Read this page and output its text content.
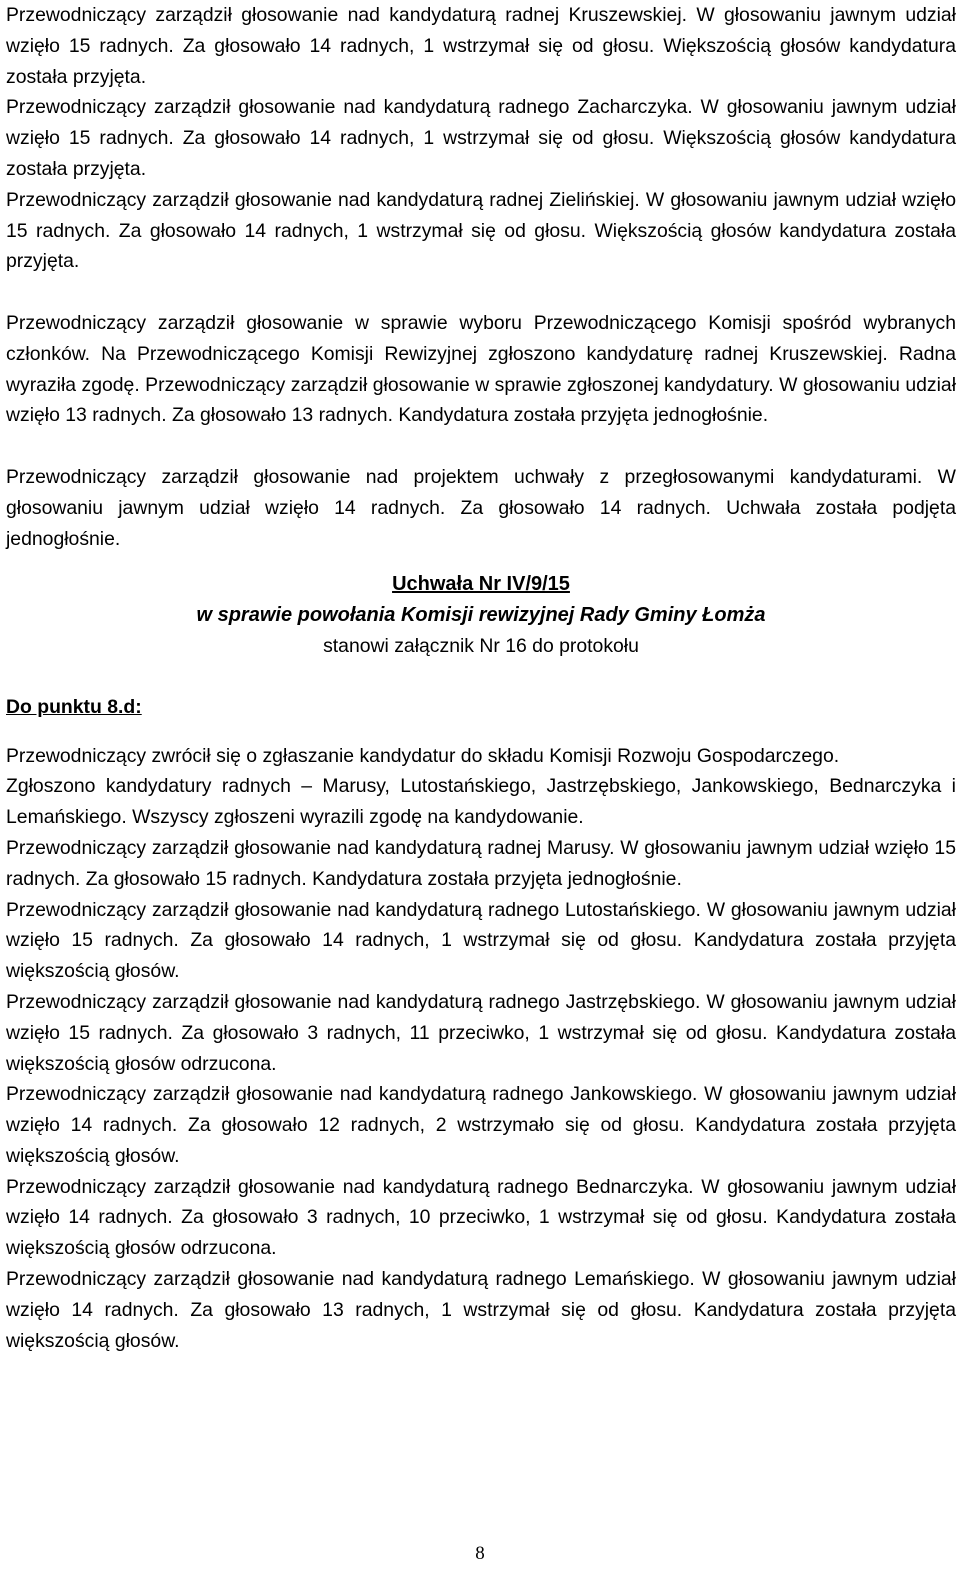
Przewodniczący zarządził głosowanie nad kandydaturą radnej Kruszewskiej. W głosowaniu jawnym udział wzięło 15 radnych. Za głosowało 14 radnych, 1 wstrzymał się od głosu. Większością głosów kandydatura została przyjęta.

Przewodniczący zarządził głosowanie nad kandydaturą radnego Zacharczyka. W głosowaniu jawnym udział wzięło 15 radnych. Za głosowało 14 radnych, 1 wstrzymał się od głosu. Większością głosów kandydatura została przyjęta.

Przewodniczący zarządził głosowanie nad kandydaturą radnej Zielińskiej. W głosowaniu jawnym udział wzięło 15 radnych. Za głosowało 14 radnych, 1 wstrzymał się od głosu. Większością głosów kandydatura została przyjęta.

Przewodniczący zarządził głosowanie w sprawie wyboru Przewodniczącego Komisji spośród wybranych członków. Na Przewodniczącego Komisji Rewizyjnej zgłoszono kandydaturę radnej Kruszewskiej. Radna wyraziła zgodę. Przewodniczący zarządził głosowanie w sprawie zgłoszonej kandydatury. W głosowaniu udział wzięło 13 radnych. Za głosowało 13 radnych. Kandydatura została przyjęta jednogłośnie.

Przewodniczący zarządził głosowanie nad projektem uchwały z przegłosowanymi kandydaturami. W głosowaniu jawnym udział wzięło 14 radnych. Za głosowało 14 radnych. Uchwała została podjęta jednogłośnie.

Uchwała Nr IV/9/15

w sprawie powołania Komisji rewizyjnej Rady Gminy Łomża

stanowi załącznik Nr 16 do protokołu

Do punktu 8.d:

Przewodniczący zwrócił się o zgłaszanie kandydatur do składu Komisji Rozwoju Gospodarczego.

Zgłoszono kandydatury radnych – Marusy, Lutostańskiego, Jastrzębskiego, Jankowskiego, Bednarczyka i Lemańskiego. Wszyscy zgłoszeni wyrazili zgodę na kandydowanie.

Przewodniczący zarządził głosowanie nad kandydaturą radnej Marusy. W głosowaniu jawnym udział wzięło 15 radnych. Za głosowało 15 radnych. Kandydatura została przyjęta jednogłośnie.

Przewodniczący zarządził głosowanie nad kandydaturą radnego Lutostańskiego. W głosowaniu jawnym udział wzięło 15 radnych. Za głosowało 14 radnych, 1 wstrzymał się od głosu. Kandydatura została przyjęta większością głosów.

Przewodniczący zarządził głosowanie nad kandydaturą radnego Jastrzębskiego. W głosowaniu jawnym udział wzięło 15 radnych. Za głosowało 3 radnych, 11 przeciwko, 1 wstrzymał się od głosu. Kandydatura została większością głosów odrzucona.

Przewodniczący zarządził głosowanie nad kandydaturą radnego Jankowskiego. W głosowaniu jawnym udział wzięło 14 radnych. Za głosowało 12 radnych, 2 wstrzymało się od głosu. Kandydatura została przyjęta większością głosów.

Przewodniczący zarządził głosowanie nad kandydaturą radnego Bednarczyka. W głosowaniu jawnym udział wzięło 14 radnych. Za głosowało 3 radnych, 10 przeciwko, 1 wstrzymał się od głosu. Kandydatura została większością głosów odrzucona.

Przewodniczący zarządził głosowanie nad kandydaturą radnego Lemańskiego. W głosowaniu jawnym udział wzięło 14 radnych. Za głosowało 13 radnych, 1 wstrzymał się od głosu. Kandydatura została przyjęta większością głosów.

8
